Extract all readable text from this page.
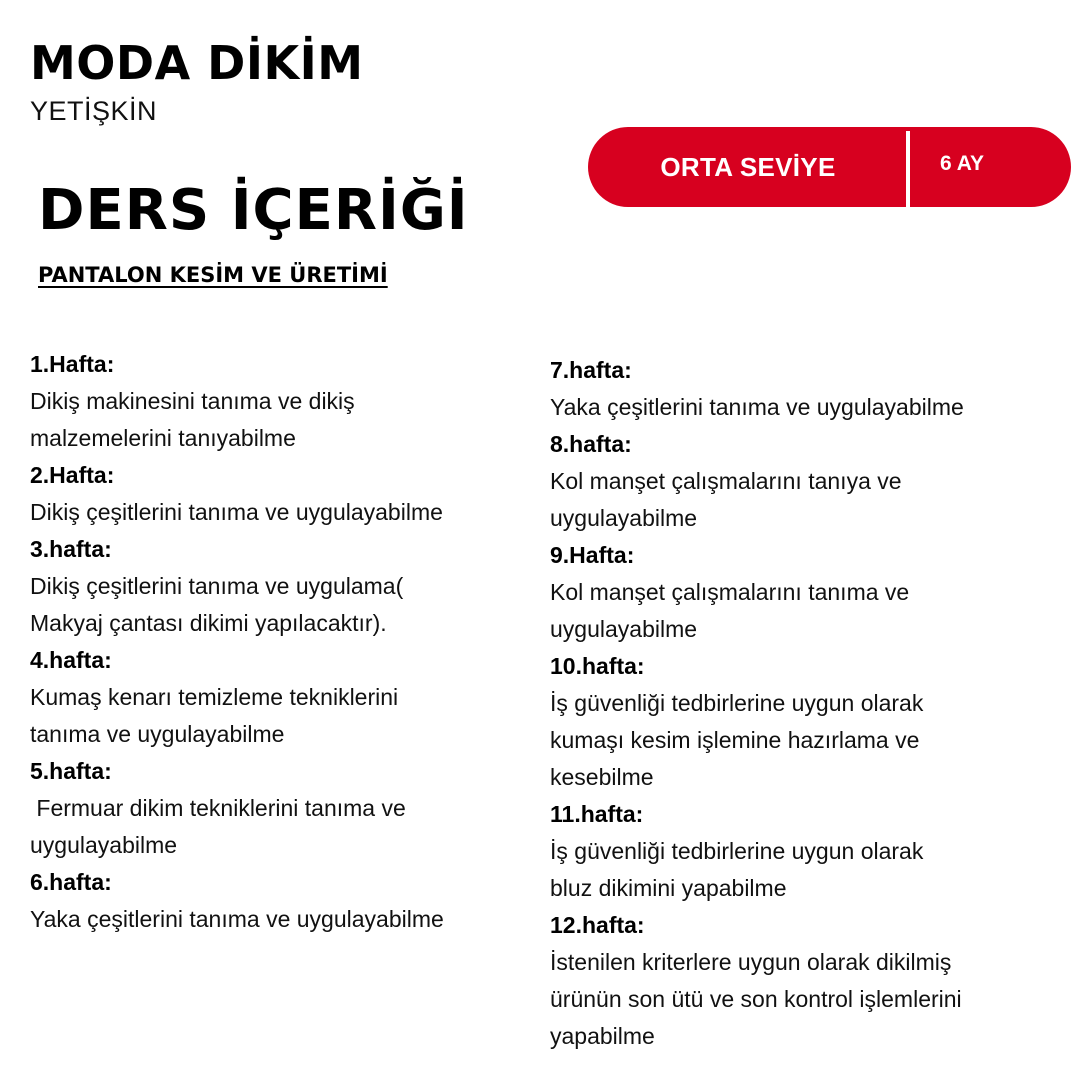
MODA DİKİM
YETİŞKİN
ORTA SEVİYE	6 AY
DERS İÇERİĞİ
PANTALON KESİM VE ÜRETİMİ
1.Hafta:
Dikiş makinesini tanıma ve dikiş
malzemelerini tanıyabilme
2.Hafta:
Dikiş çeşitlerini tanıma ve uygulayabilme
3.hafta:
Dikiş çeşitlerini tanıma ve uygulama(
Makyaj çantası dikimi yapılacaktır).
4.hafta:
Kumaş kenarı temizleme tekniklerini
tanıma ve uygulayabilme
5.hafta:
Fermuar dikim tekniklerini tanıma ve
uygulayabilme
6.hafta:
Yaka çeşitlerini tanıma ve uygulayabilme
7.hafta:
Yaka çeşitlerini tanıma ve uygulayabilme
8.hafta:
Kol manşet çalışmalarını tanıya ve
uygulayabilme
9.Hafta:
Kol manşet çalışmalarını tanıma ve
uygulayabilme
10.hafta:
İş güvenliği tedbirlerine uygun olarak
kumaşı kesim işlemine hazırlama ve
kesebilme
11.hafta:
İş güvenliği tedbirlerine uygun olarak
bluz dikimini yapabilme
12.hafta:
İstenilen kriterlere uygun olarak dikilmiş
ürünün son ütü ve son kontrol işlemlerini
yapabilme
